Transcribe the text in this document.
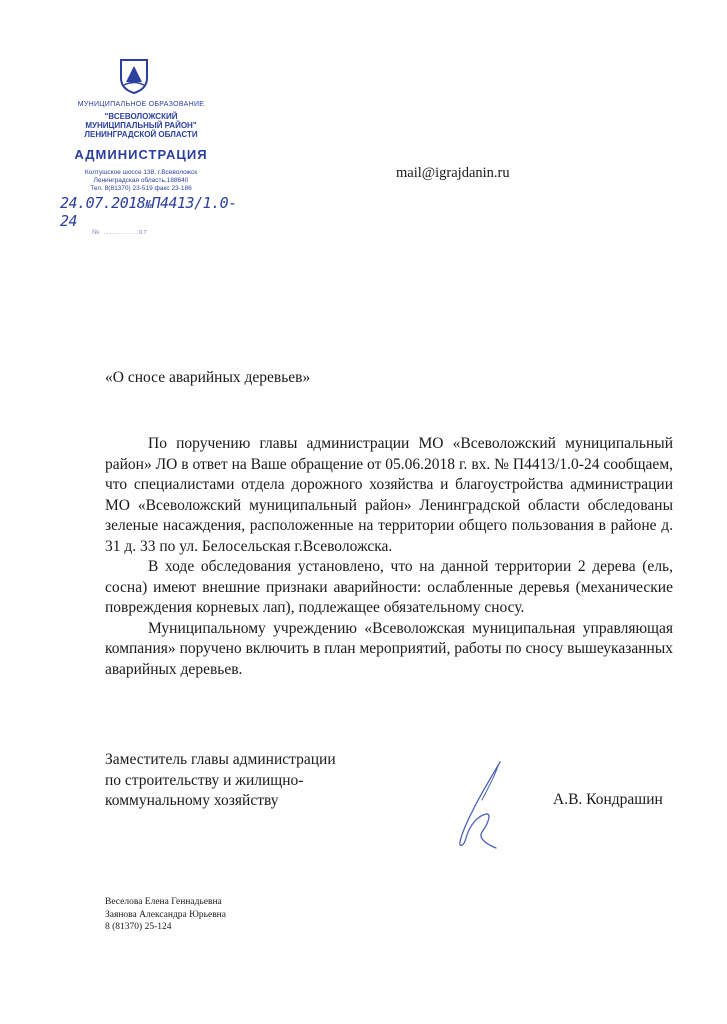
МУНИЦИПАЛЬНОЕ ОБРАЗОВАНИЕ
"ВСЕВОЛОЖСКИЙ
МУНИЦИПАЛЬНЫЙ РАЙОН"
ЛЕНИНГРАДСКОЙ ОБЛАСТИ
АДМИНИСТРАЦИЯ
Колтушское шоссе 138, г.Всеволожск
Ленинградская область,188640
Тел. 8(81370) 23-519 факс 23-186
24.07.2018№П4413/1.0-24
№ ............от
mail@igrajdanin.ru
«О сносе аварийных деревьев»

По поручению главы администрации МО «Всеволожский муниципальный район» ЛО в ответ на Ваше обращение от 05.06.2018 г. вх. № П4413/1.0-24 сообщаем, что специалистами отдела дорожного хозяйства и благоустройства администрации МО «Всеволожский муниципальный район» Ленинградской области обследованы зеленые насаждения, расположенные на территории общего пользования в районе д. 31 д. 33 по ул. Белосельская г.Всеволожска.

В ходе обследования установлено, что на данной территории 2 дерева (ель, сосна) имеют внешние признаки аварийности: ослабленные деревья (механические повреждения корневых лап), подлежащее обязательному сносу.

Муниципальному учреждению «Всеволожская муниципальная управляющая компания» поручено включить в план мероприятий, работы по сносу вышеуказанных аварийных деревьев.

Заместитель главы администрации
по строительству и жилищно-
коммунальному хозяйству	А.В. Кондрашин
Веселова Елена Геннадьевна
Заянова Александра Юрьевна
8 (81370) 25-124
